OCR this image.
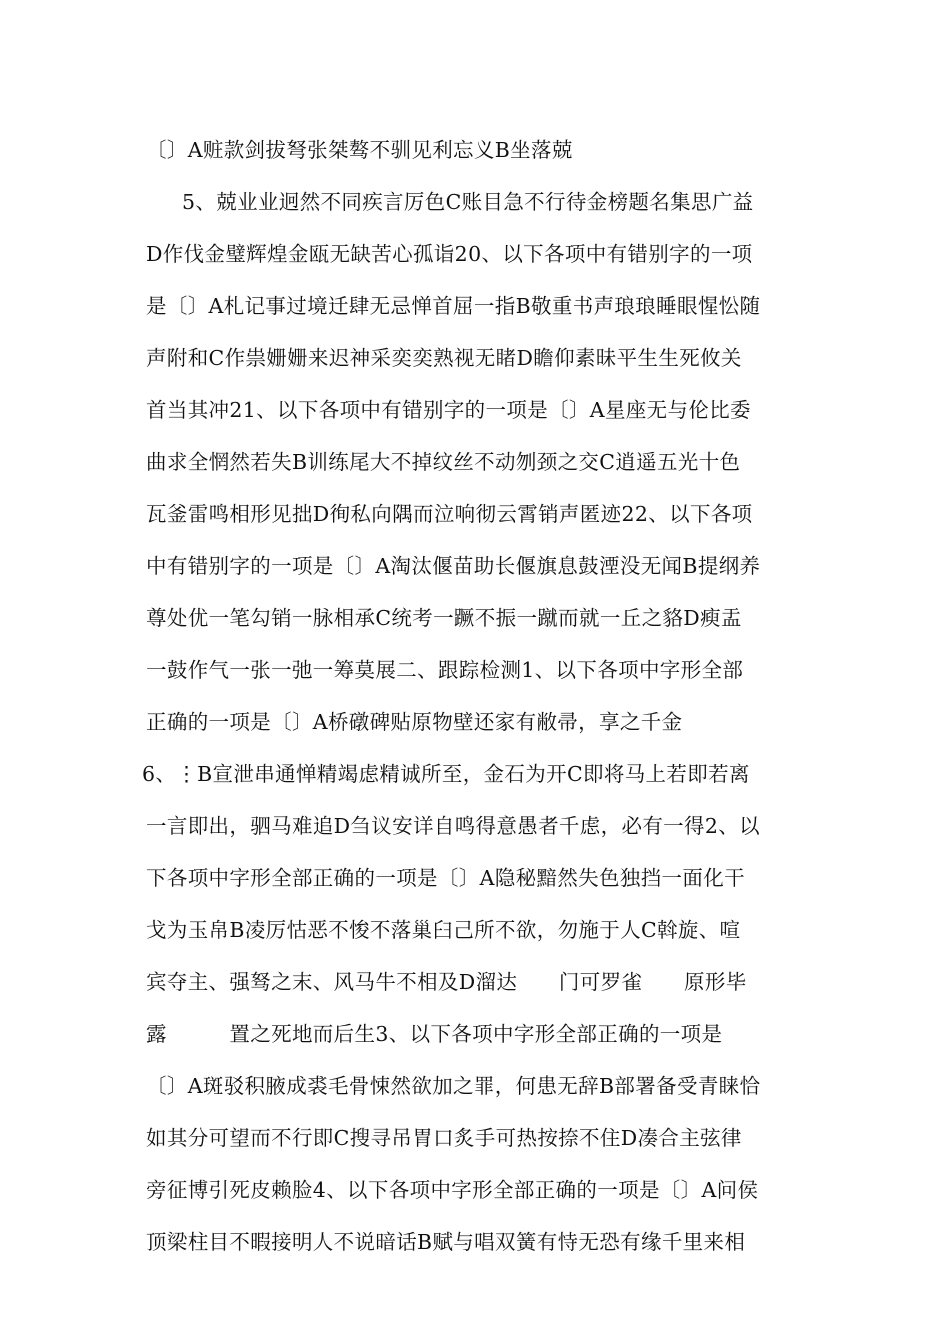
〔〕A赃款剑拔弩张桀骜不驯见利忘义B坐落兢
5、兢业业迥然不同疾言厉色C账目急不行待金榜题名集思广益
D作伐金璧辉煌金瓯无缺苦心孤诣20、以下各项中有错别字的一项
是〔〕A札记事过境迁肆无忌惮首屈一指B敬重书声琅琅睡眼惺忪随
声附和C作祟姗姗来迟神采奕奕熟视无睹D瞻仰素昧平生生死攸关
首当其冲21、以下各项中有错别字的一项是〔〕A星座无与伦比委
曲求全惘然若失B训练尾大不掉纹丝不动刎颈之交C逍遥五光十色
瓦釜雷鸣相形见拙D徇私向隅而泣响彻云霄销声匿迹22、以下各项
中有错别字的一项是〔〕A淘汰偃苗助长偃旗息鼓湮没无闻B提纲养
尊处优一笔勾销一脉相承C统考一蹶不振一蹴而就一丘之貉D瘐盂
一鼓作气一张一弛一筹莫展二、跟踪检测1、以下各项中字形全部
正确的一项是〔〕A桥礅碑贴原物壁还家有敝帚，享之千金
6、⋮B宣泄串通惮精竭虑精诚所至，金石为开C即将马上若即若离
一言即出，驷马难追D刍议安详自鸣得意愚者千虑，必有一得2、以
下各项中字形全部正确的一项是〔〕A隐秘黯然失色独挡一面化干
戈为玉帛B凌厉怙恶不悛不落巢臼己所不欲，勿施于人C斡旋、喧
宾夺主、强驽之末、风马牛不相及D溜达　　门可罗雀　　原形毕
露　　　置之死地而后生3、以下各项中字形全部正确的一项是
〔〕A斑驳积腋成裘毛骨悚然欲加之罪，何患无辞B部署备受青睐恰
如其分可望而不行即C搜寻吊胃口炙手可热按捺不住D凑合主弦律
旁征博引死皮赖脸4、以下各项中字形全部正确的一项是〔〕A问侯
顶梁柱目不暇接明人不说暗话B赋与唱双簧有恃无恐有缘千里来相
